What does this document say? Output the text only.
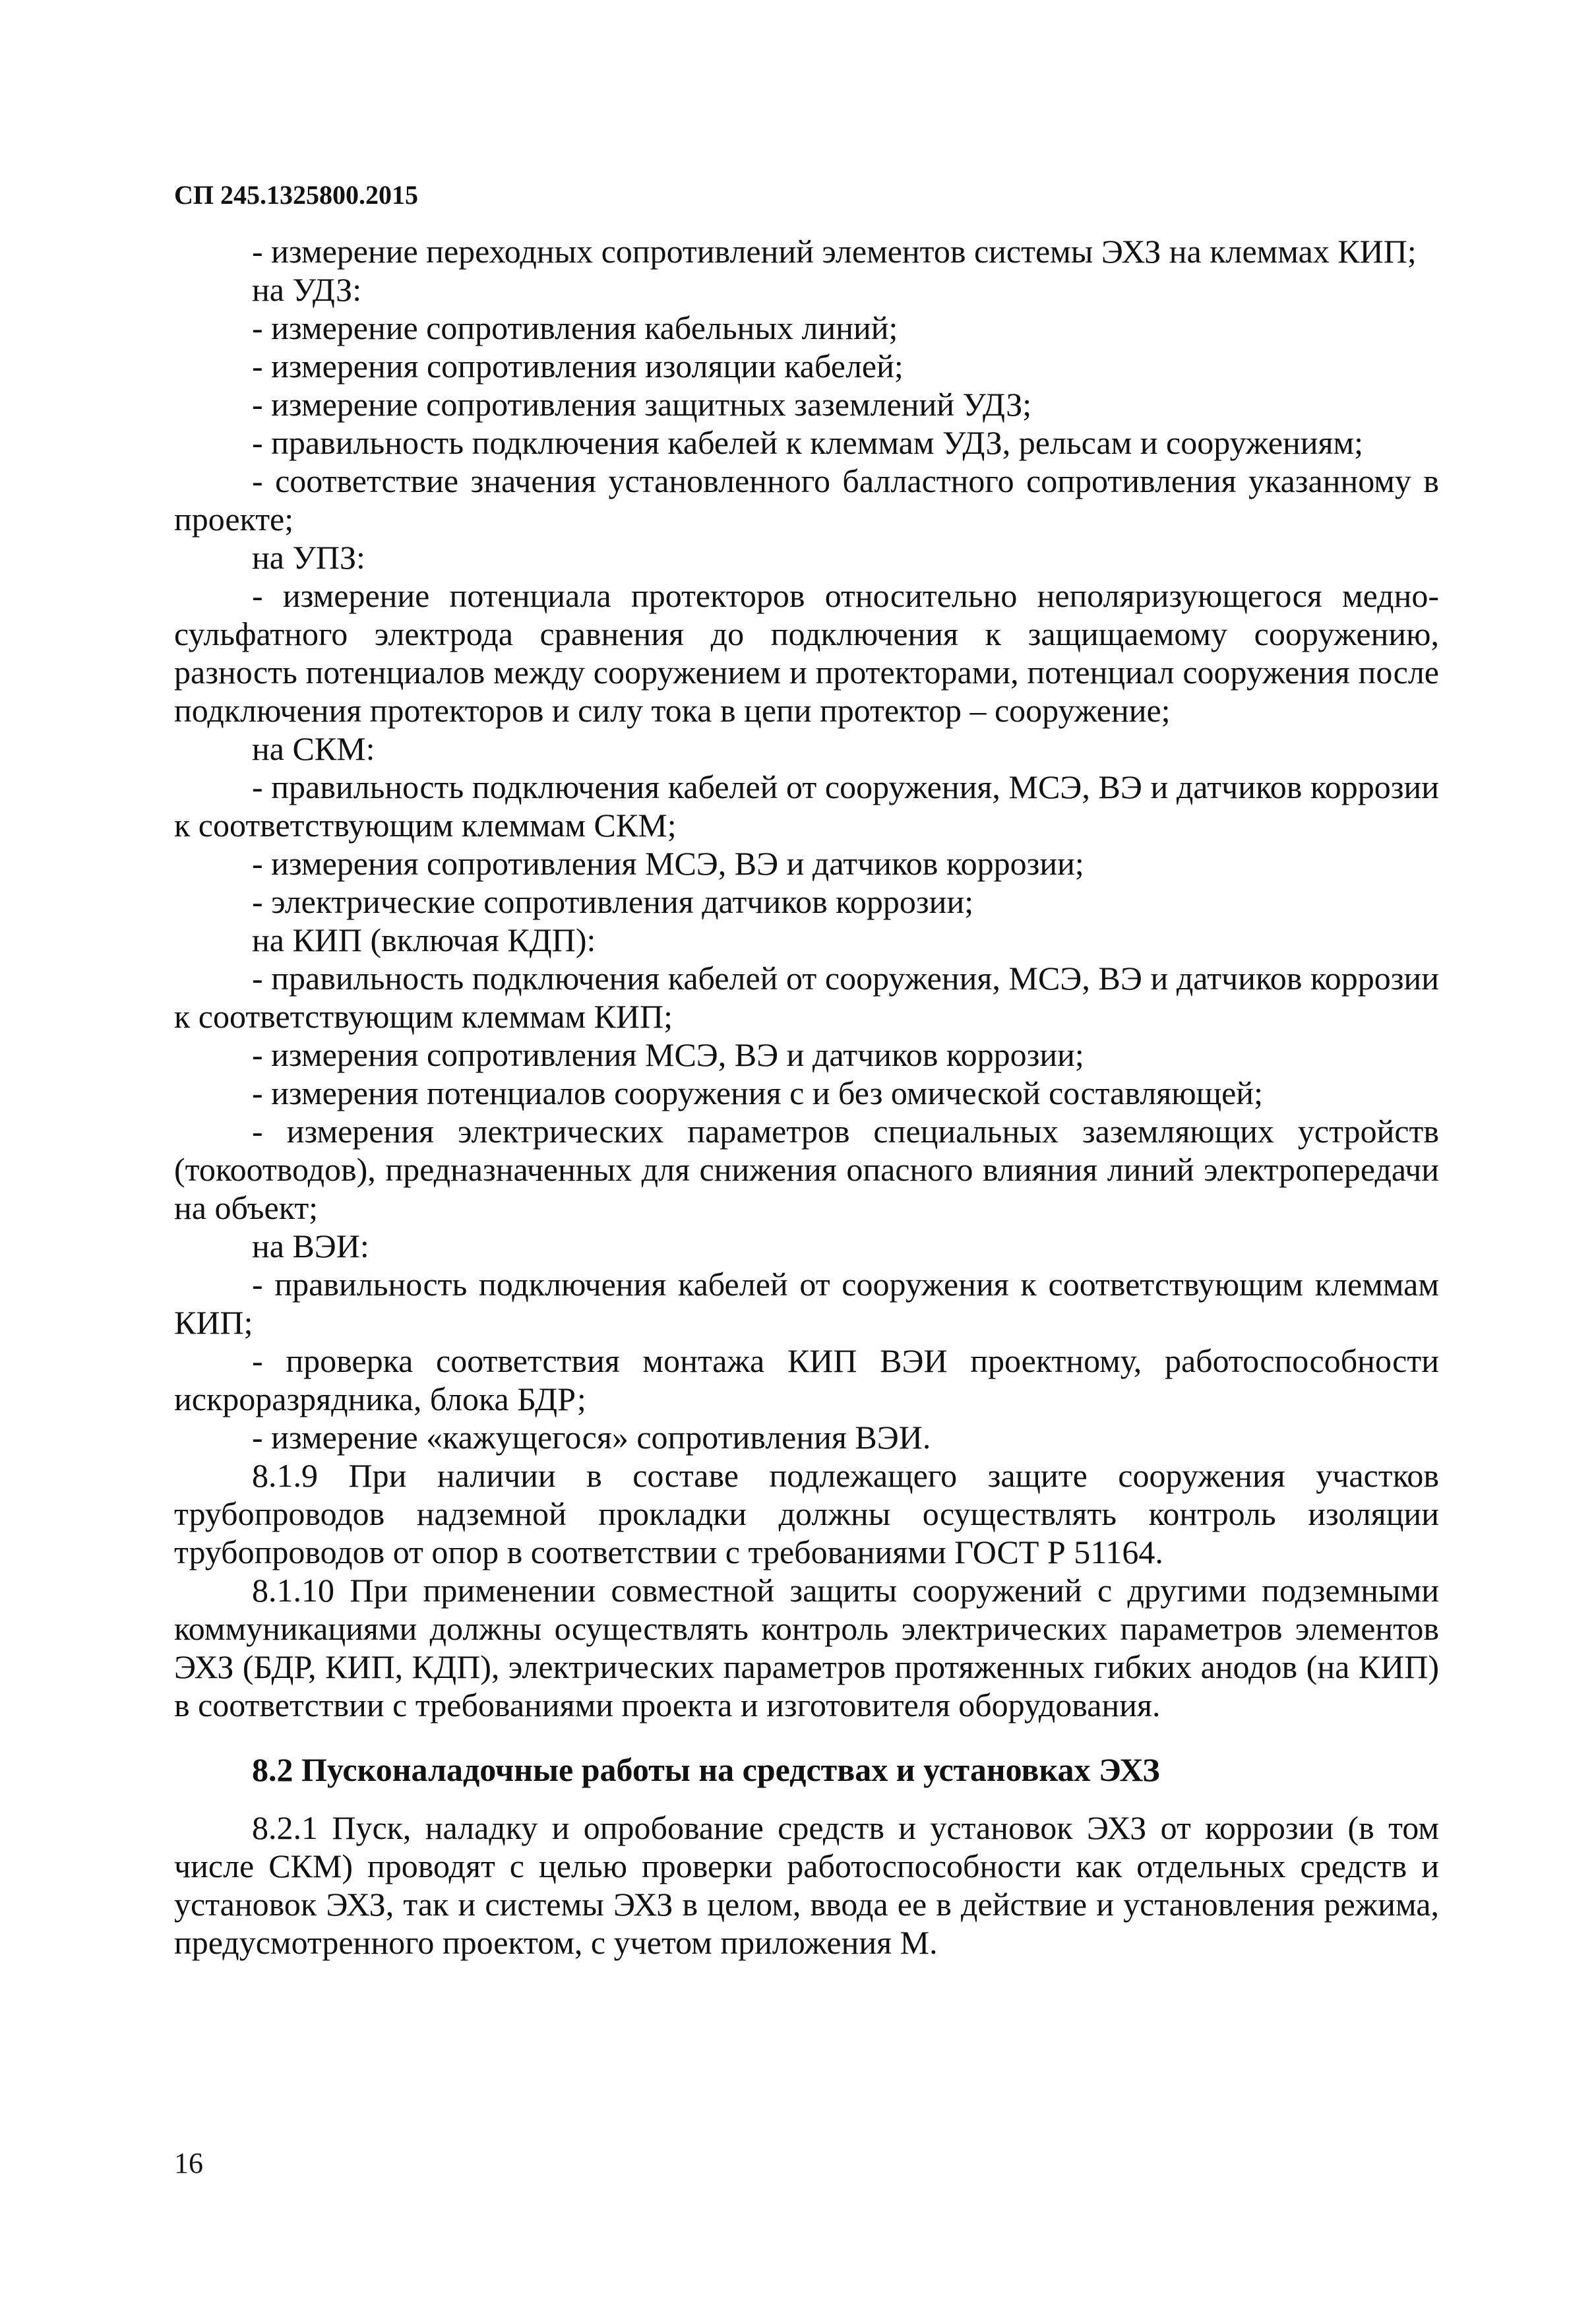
СП 245.1325800.2015

- измерение переходных сопротивлений элементов системы ЭХЗ на клеммах КИП;

на УДЗ:

- измерение сопротивления кабельных линий;

- измерения сопротивления изоляции кабелей;

- измерение сопротивления защитных заземлений УДЗ;

- правильность подключения кабелей к клеммам УДЗ, рельсам и сооружениям;

- соответствие значения установленного балластного сопротивления указанному в проекте;

на УПЗ:

- измерение потенциала протекторов относительно неполяризующегося медно-сульфатного электрода сравнения до подключения к защищаемому сооружению, разность потенциалов между сооружением и протекторами, потенциал сооружения после подключения протекторов и силу тока в цепи протектор – сооружение;

на СКМ:

- правильность подключения кабелей от сооружения, МСЭ, ВЭ и датчиков коррозии к соответствующим клеммам СКМ;

- измерения сопротивления МСЭ, ВЭ и датчиков коррозии;

- электрические сопротивления датчиков коррозии;

на КИП (включая КДП):

- правильность подключения кабелей от сооружения, МСЭ, ВЭ и датчиков коррозии к соответствующим клеммам КИП;

- измерения сопротивления МСЭ, ВЭ и датчиков коррозии;

- измерения потенциалов сооружения с и без омической составляющей;

- измерения электрических параметров специальных заземляющих устройств (токоотводов), предназначенных для снижения опасного влияния линий электропередачи на объект;

на ВЭИ:

- правильность подключения кабелей от сооружения к соответствующим клеммам КИП;

- проверка соответствия монтажа КИП ВЭИ проектному, работоспособности искроразрядника, блока БДР;

- измерение «кажущегося» сопротивления ВЭИ.

8.1.9 При наличии в составе подлежащего защите сооружения участков трубопроводов надземной прокладки должны осуществлять контроль изоляции трубопроводов от опор в соответствии с требованиями ГОСТ Р 51164.

8.1.10 При применении совместной защиты сооружений с другими подземными коммуникациями должны осуществлять контроль электрических параметров элементов ЭХЗ (БДР, КИП, КДП), электрических параметров протяженных гибких анодов (на КИП) в соответствии с требованиями проекта и изготовителя оборудования.

8.2 Пусконаладочные работы на средствах и установках ЭХЗ

8.2.1 Пуск, наладку и опробование средств и установок ЭХЗ от коррозии (в том числе СКМ) проводят с целью проверки работоспособности как отдельных средств и установок ЭХЗ, так и системы ЭХЗ в целом, ввода ее в действие и установления режима, предусмотренного проектом, с учетом приложения М.

16
